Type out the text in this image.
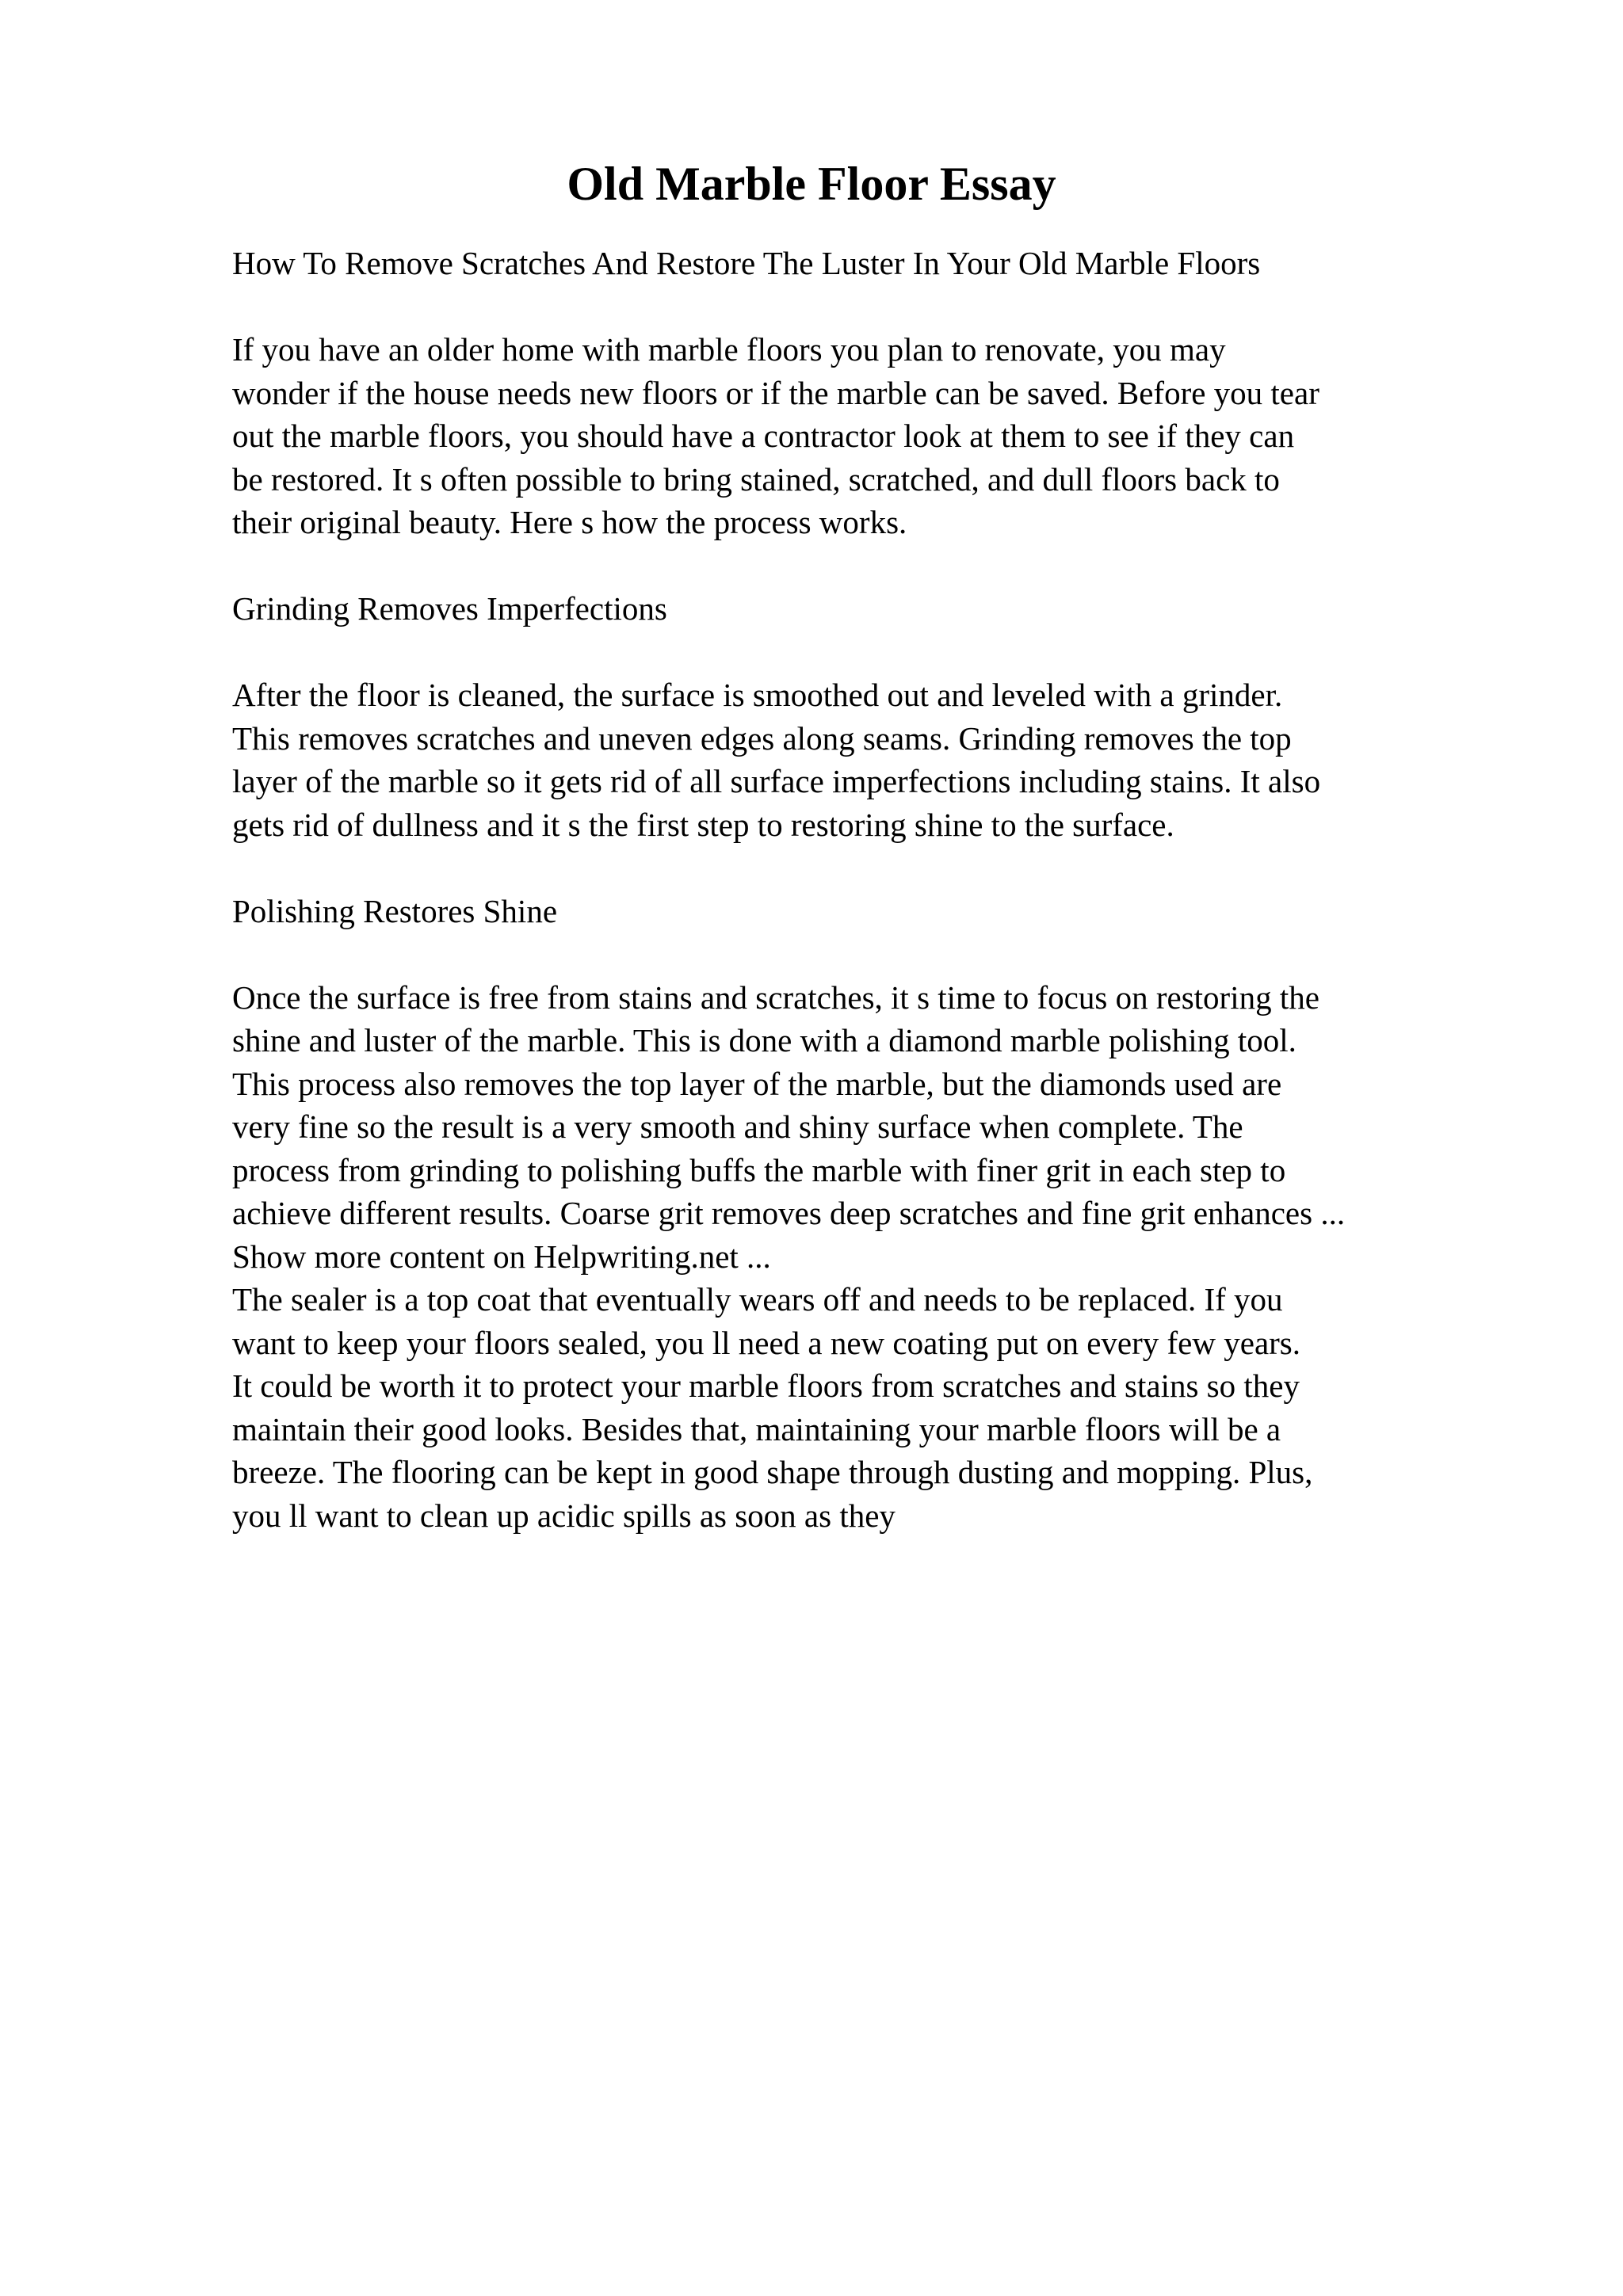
Old Marble Floor Essay
How To Remove Scratches And Restore The Luster In Your Old Marble Floors
If you have an older home with marble floors you plan to renovate, you may
wonder if the house needs new floors or if the marble can be saved. Before you tear
out the marble floors, you should have a contractor look at them to see if they can
be restored. It s often possible to bring stained, scratched, and dull floors back to
their original beauty. Here s how the process works.
Grinding Removes Imperfections
After the floor is cleaned, the surface is smoothed out and leveled with a grinder.
This removes scratches and uneven edges along seams. Grinding removes the top
layer of the marble so it gets rid of all surface imperfections including stains. It also
gets rid of dullness and it s the first step to restoring shine to the surface.
Polishing Restores Shine
Once the surface is free from stains and scratches, it s time to focus on restoring the
shine and luster of the marble. This is done with a diamond marble polishing tool.
This process also removes the top layer of the marble, but the diamonds used are
very fine so the result is a very smooth and shiny surface when complete. The
process from grinding to polishing buffs the marble with finer grit in each step to
achieve different results. Coarse grit removes deep scratches and fine grit enhances ...
Show more content on Helpwriting.net ...
The sealer is a top coat that eventually wears off and needs to be replaced. If you
want to keep your floors sealed, you ll need a new coating put on every few years.
It could be worth it to protect your marble floors from scratches and stains so they
maintain their good looks. Besides that, maintaining your marble floors will be a
breeze. The flooring can be kept in good shape through dusting and mopping. Plus,
you ll want to clean up acidic spills as soon as they
